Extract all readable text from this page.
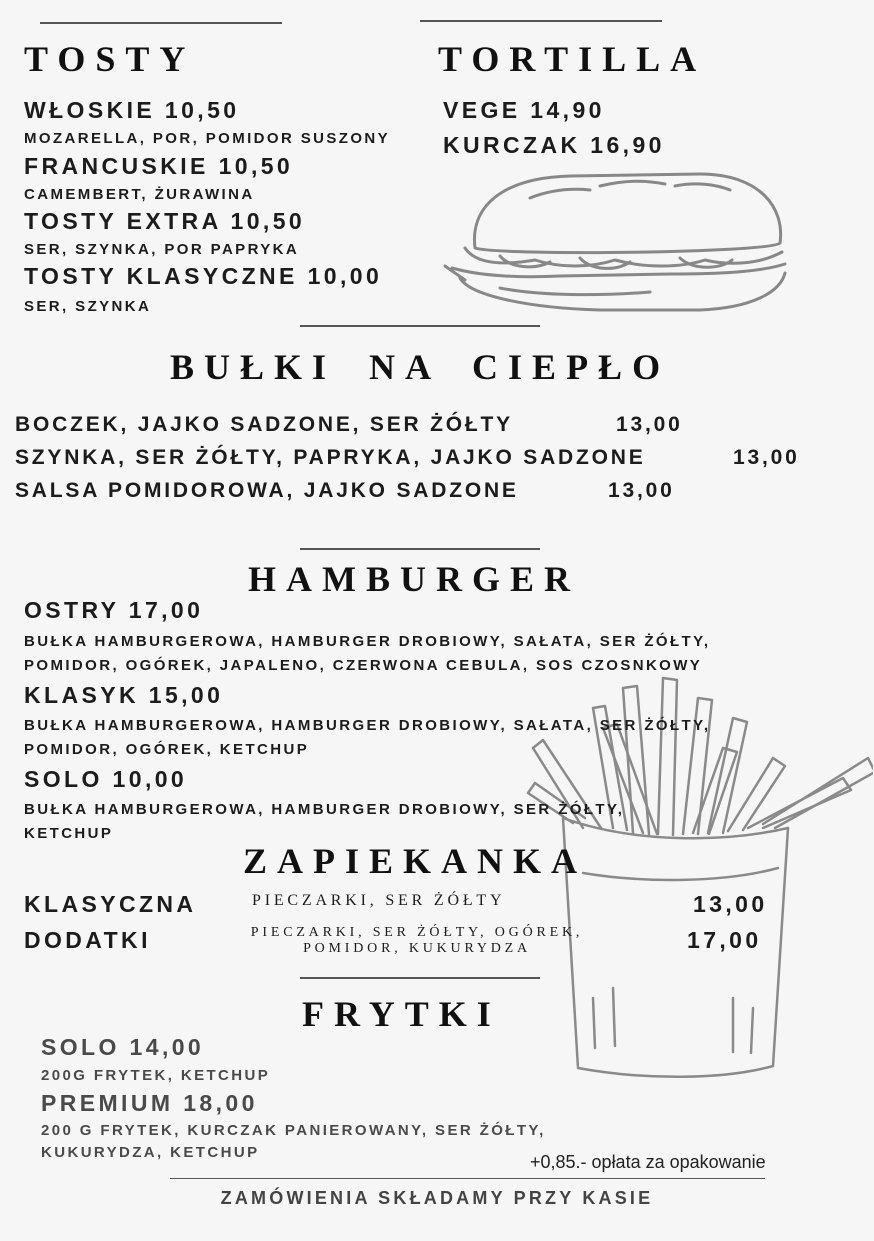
TOSTY
WŁOSKIE 10,50
MOZARELLA, POR, POMIDOR SUSZONY
FRANCUSKIE 10,50
CAMEMBERT, ŻURAWINA
TOSTY EXTRA 10,50
SER, SZYNKA, POR PAPRYKA
TOSTY KLASYCZNE 10,00
SER, SZYNKA
TORTILLA
VEGE 14,90
KURCZAK 16,90
BUŁKI NA CIEPŁO
BOCZEK, JAJKO SADZONE, SER ŻÓŁTY	13,00
SZYNKA, SER ŻÓŁTY, PAPRYKA, JAJKO SADZONE	13,00
SALSA POMIDOROWA, JAJKO SADZONE	13,00
HAMBURGER
OSTRY 17,00
BUŁKA HAMBURGEROWA, HAMBURGER DROBIOWY, SAŁATA, SER ŻÓŁTY,
POMIDOR, OGÓREK, JAPALENO, CZERWONA CEBULA, SOS CZOSNKOWY
KLASYK 15,00
BUŁKA HAMBURGEROWA, HAMBURGER DROBIOWY, SAŁATA, SER ŻÓŁTY,
POMIDOR, OGÓREK, KETCHUP
SOLO 10,00
BUŁKA HAMBURGEROWA, HAMBURGER DROBIOWY, SER ŻÓŁTY,
KETCHUP
ZAPIEKANKA
KLASYCZNA	PIECZARKI, SER ŻÓŁTY	13,00
DODATKI	PIECZARKI, SER ŻÓŁTY, OGÓREK,
POMIDOR, KUKURYDZA	17,00
FRYTKI
SOLO 14,00
200G FRYTEK, KETCHUP
PREMIUM 18,00
200 G FRYTEK, KURCZAK PANIEROWANY, SER ŻÓŁTY,
KUKURYDZA, KETCHUP	+0,85.- opłata za opakowanie
ZAMÓWIENIA SKŁADAMY PRZY KASIE
